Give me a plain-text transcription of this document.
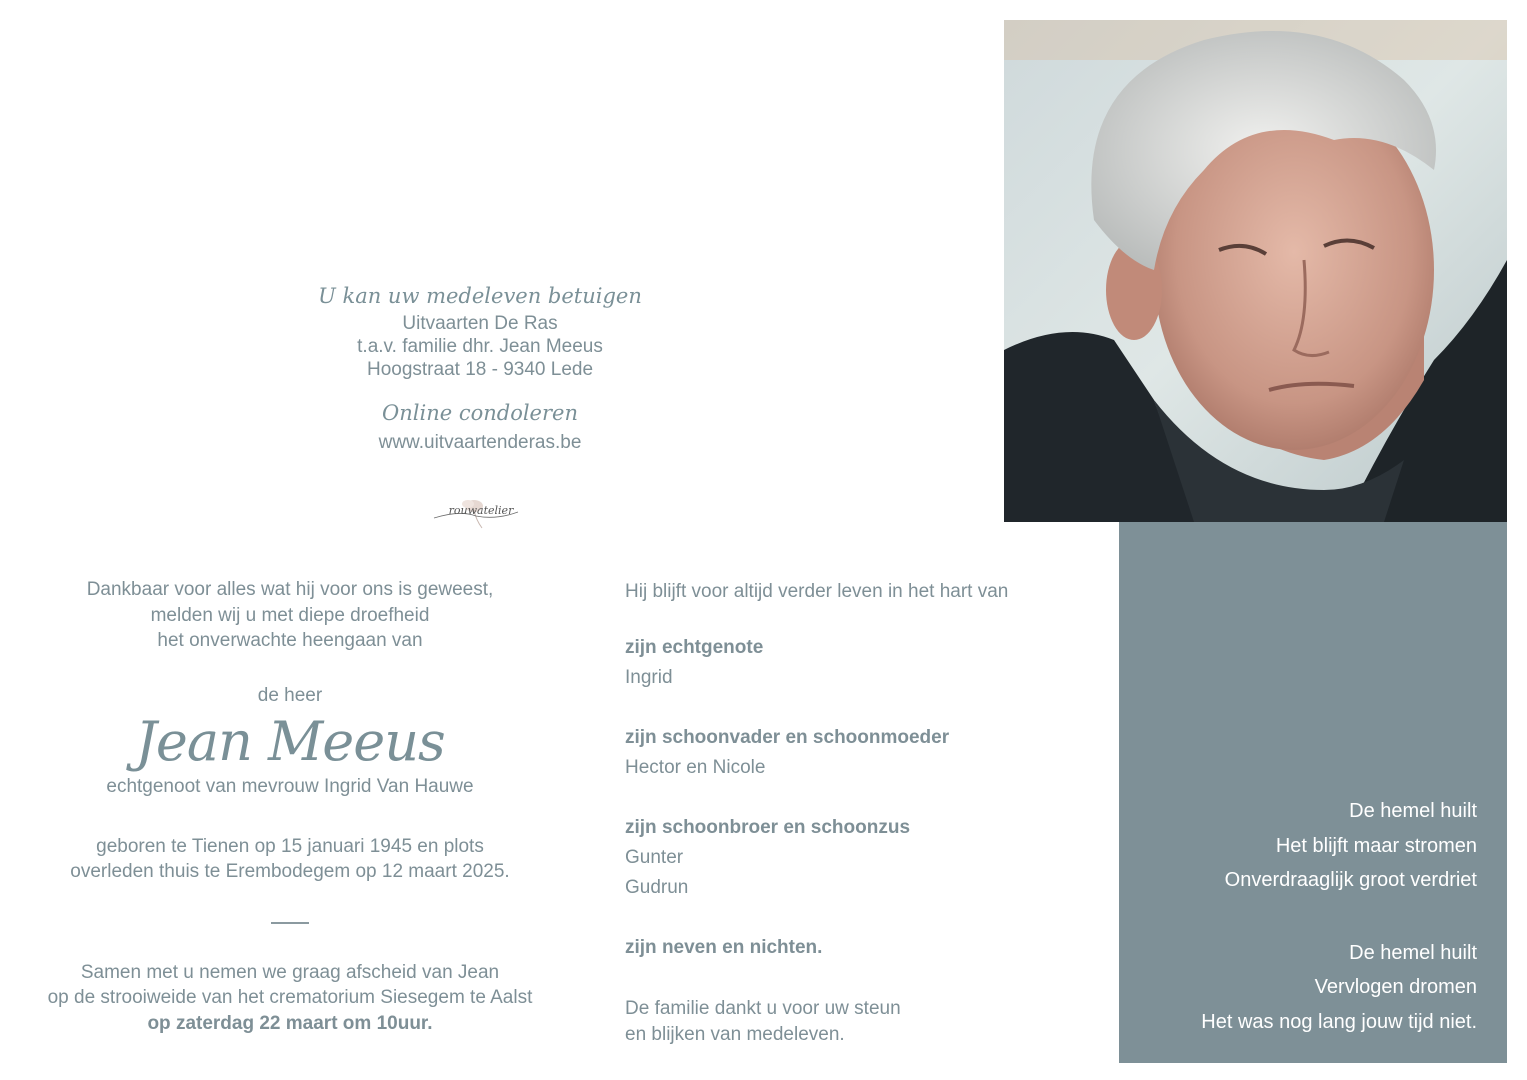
U kan uw medeleven betuigen
Uitvaarten De Ras
t.a.v. familie dhr. Jean Meeus
Hoogstraat 18 - 9340 Lede
Online condoleren
www.uitvaartenderas.be
rouwatelier
De hemel huilt
Het blijft maar stromen
Onverdraaglijk groot verdriet
De hemel huilt
Vervlogen dromen
Het was nog lang jouw tijd niet.
Dankbaar voor alles wat hij voor ons is geweest,
melden wij u met diepe droefheid
het onverwachte heengaan van
de heer
Jean Meeus
echtgenoot van mevrouw Ingrid Van Hauwe
geboren te Tienen op 15 januari 1945 en plots
overleden thuis te Erembodegem op 12 maart 2025.
Samen met u nemen we graag afscheid van Jean
op de strooiweide van het crematorium Siesegem te Aalst
op zaterdag 22 maart om 10uur.
Hij blijft voor altijd verder leven in het hart van
zijn echtgenote
Ingrid
zijn schoonvader en schoonmoeder
Hector en Nicole
zijn schoonbroer en schoonzus
Gunter
Gudrun
zijn neven en nichten.
De familie dankt u voor uw steun
en blijken van medeleven.
